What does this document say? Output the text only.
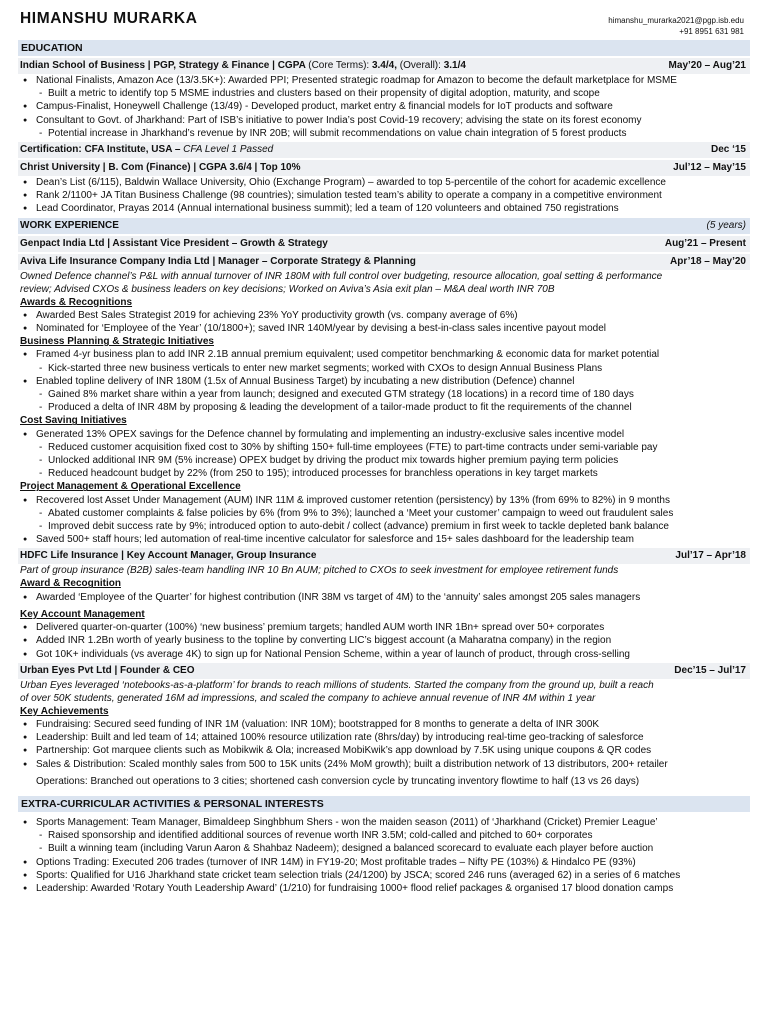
HIMANSHU MURARKA	himanshu_murarka2021@pgp.isb.edu
+91 8951 631 981
EDUCATION
Indian School of Business | PGP, Strategy & Finance | CGPA (Core Terms): 3.4/4, (Overall): 3.1/4	May’20 – Aug’21
● National Finalists, Amazon Ace (13/3.5K+): Awarded PPI; Presented strategic roadmap for Amazon to become the default marketplace for MSME
- Built a metric to identify top 5 MSME industries and clusters based on their propensity of digital adoption, maturity, and scope
● Campus-Finalist, Honeywell Challenge (13/49) - Developed product, market entry & financial models for IoT products and software
● Consultant to Govt. of Jharkhand: Part of ISB’s initiative to power India’s post Covid-19 recovery; advising the state on its forest economy
- Potential increase in Jharkhand’s revenue by INR 20B; will submit recommendations on value chain integration of 5 forest products
Certification: CFA Institute, USA – CFA Level 1 Passed	Dec ‘15
Christ University | B. Com (Finance) | CGPA 3.6/4 | Top 10%	Jul’12 – May’15
● Dean’s List (6/115), Baldwin Wallace University, Ohio (Exchange Program) – awarded to top 5-percentile of the cohort for academic excellence
● Rank 2/1100+ JA Titan Business Challenge (98 countries); simulation tested team’s ability to operate a company in a competitive environment
● Lead Coordinator, Prayas 2014 (Annual international business summit); led a team of 120 volunteers and obtained 750 registrations
WORK EXPERIENCE	(5 years)
Genpact India Ltd | Assistant Vice President – Growth & Strategy	Aug’21 – Present
Aviva Life Insurance Company India Ltd | Manager – Corporate Strategy & Planning	Apr’18 – May’20
Owned Defence channel’s P&L with annual turnover of INR 180M with full control over budgeting, resource allocation, goal setting & performance
review; Advised CXOs & business leaders on key decisions; Worked on Aviva’s Asia exit plan – M&A deal worth INR 70B
Awards & Recognitions
● Awarded Best Sales Strategist 2019 for achieving 23% YoY productivity growth (vs. company average of 6%)
● Nominated for ‘Employee of the Year’ (10/1800+); saved INR 140M/year by devising a best-in-class sales incentive payout model
Business Planning & Strategic Initiatives
● Framed 4-yr business plan to add INR 2.1B annual premium equivalent; used competitor benchmarking & economic data for market potential
- Kick-started three new business verticals to enter new market segments; worked with CXOs to design Annual Business Plans
● Enabled topline delivery of INR 180M (1.5x of Annual Business Target) by incubating a new distribution (Defence) channel
- Gained 8% market share within a year from launch; designed and executed GTM strategy (18 locations) in a record time of 180 days
- Produced a delta of INR 48M by proposing & leading the development of a tailor-made product to fit the requirements of the channel
Cost Saving Initiatives
● Generated 13% OPEX savings for the Defence channel by formulating and implementing an industry-exclusive sales incentive model
- Reduced customer acquisition fixed cost to 30% by shifting 150+ full-time employees (FTE) to part-time contracts under semi-variable pay
- Unlocked additional INR 9M (5% increase) OPEX budget by driving the product mix towards higher premium paying term policies
- Reduced headcount budget by 22% (from 250 to 195); introduced processes for branchless operations in key target markets
Project Management & Operational Excellence
● Recovered lost Asset Under Management (AUM) INR 11M & improved customer retention (persistency) by 13% (from 69% to 82%) in 9 months
- Abated customer complaints & false policies by 6% (from 9% to 3%); launched a ‘Meet your customer’ campaign to weed out fraudulent sales
- Improved debit success rate by 9%; introduced option to auto-debit / collect (advance) premium in first week to tackle depleted bank balance
● Saved 500+ staff hours; led automation of real-time incentive calculator for salesforce and 15+ sales dashboard for the leadership team
HDFC Life Insurance | Key Account Manager, Group Insurance	Jul’17 – Apr’18
Part of group insurance (B2B) sales-team handling INR 10 Bn AUM; pitched to CXOs to seek investment for employee retirement funds
Award & Recognition
● Awarded ‘Employee of the Quarter’ for highest contribution (INR 38M vs target of 4M) to the ‘annuity’ sales amongst 205 sales managers
Key Account Management
● Delivered quarter-on-quarter (100%) ‘new business’ premium targets; handled AUM worth INR 1Bn+ spread over 50+ corporates
● Added INR 1.2Bn worth of yearly business to the topline by converting LIC’s biggest account (a Maharatna company) in the region
● Got 10K+ individuals (vs average 4K) to sign up for National Pension Scheme, within a year of launch of product, through cross-selling
Urban Eyes Pvt Ltd | Founder & CEO	Dec’15 – Jul’17
Urban Eyes leveraged ‘notebooks-as-a-platform’ for brands to reach millions of students. Started the company from the ground up, built a reach
of over 50K students, generated 16M ad impressions, and scaled the company to achieve annual revenue of INR 4M within 1 year
Key Achievements
● Fundraising: Secured seed funding of INR 1M (valuation: INR 10M); bootstrapped for 8 months to generate a delta of INR 300K
● Leadership: Built and led team of 14; attained 100% resource utilization rate (8hrs/day) by introducing real-time geo-tracking of salesforce
● Partnership: Got marquee clients such as Mobikwik & Ola; increased MobiKwik’s app download by 7.5K using unique coupons & QR codes
● Sales & Distribution: Scaled monthly sales from 500 to 15K units (24% MoM growth); built a distribution network of 13 distributors, 200+ retailer
Operations: Branched out operations to 3 cities; shortened cash conversion cycle by truncating inventory flowtime to half (13 vs 26 days)
EXTRA-CURRICULAR ACTIVITIES & PERSONAL INTERESTS
● Sports Management: Team Manager, Bimaldeep Singhbhum Shers - won the maiden season (2011) of ‘Jharkhand (Cricket) Premier League’
- Raised sponsorship and identified additional sources of revenue worth INR 3.5M; cold-called and pitched to 60+ corporates
- Built a winning team (including Varun Aaron & Shahbaz Nadeem); designed a balanced scorecard to evaluate each player before auction
● Options Trading: Executed 206 trades (turnover of INR 14M) in FY19-20; Most profitable trades – Nifty PE (103%) & Hindalco PE (93%)
● Sports: Qualified for U16 Jharkhand state cricket team selection trials (24/1200) by JSCA; scored 246 runs (averaged 62) in a series of 6 matches
● Leadership: Awarded ‘Rotary Youth Leadership Award’ (1/210) for fundraising 1000+ flood relief packages & organised 17 blood donation camps
